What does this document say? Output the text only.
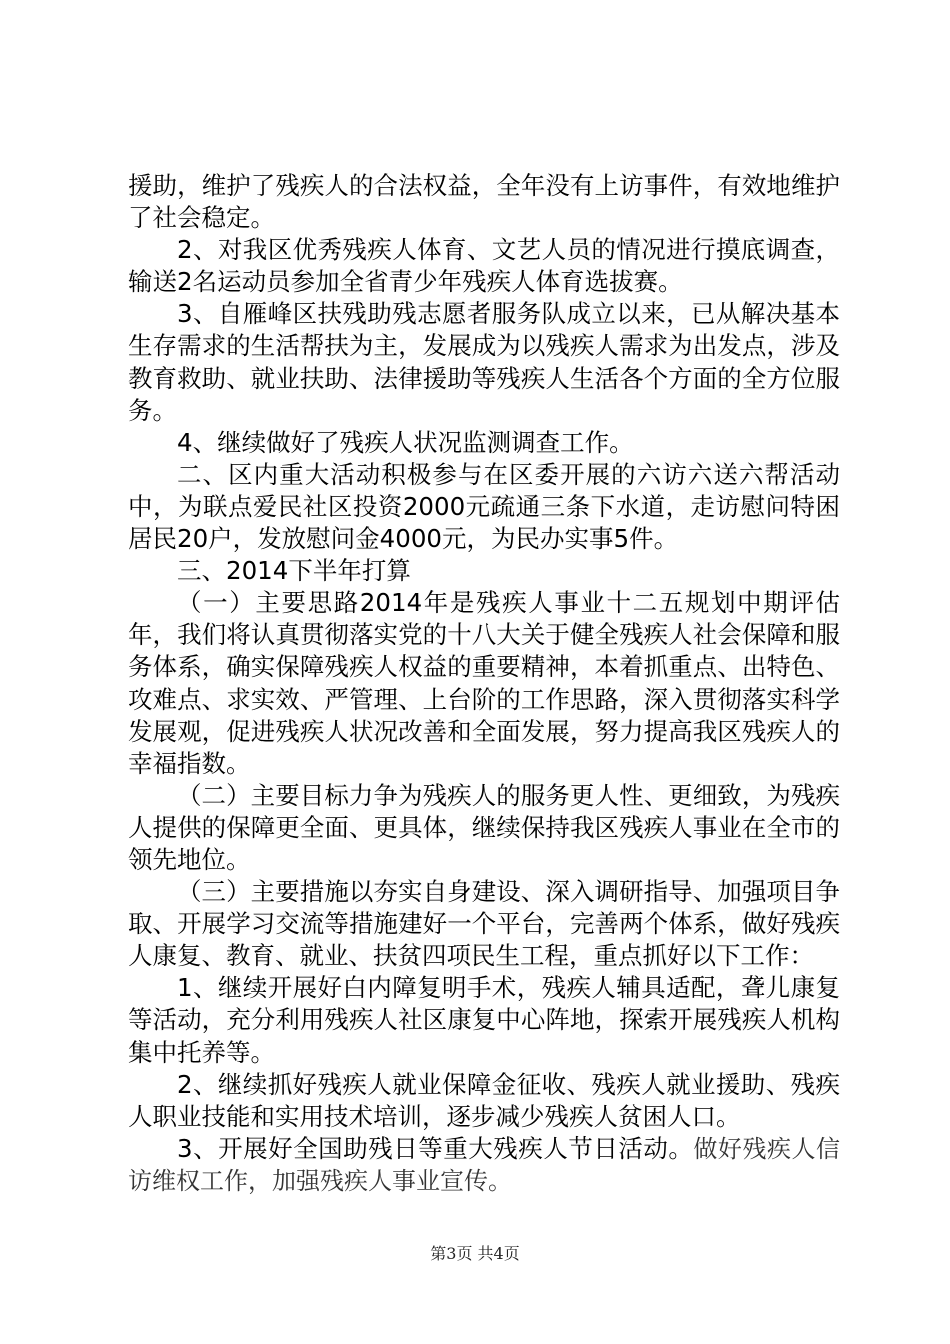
援助，维护了残疾人的合法权益，全年没有上访事件，有效地维护了社会稳定。

2、对我区优秀残疾人体育、文艺人员的情况进行摸底调查，输送2名运动员参加全省青少年残疾人体育选拔赛。

3、自雁峰区扶残助残志愿者服务队成立以来，已从解决基本生存需求的生活帮扶为主，发展成为以残疾人需求为出发点，涉及教育救助、就业扶助、法律援助等残疾人生活各个方面的全方位服务。

4、继续做好了残疾人状况监测调查工作。

二、区内重大活动积极参与在区委开展的六访六送六帮活动中，为联点爱民社区投资2000元疏通三条下水道，走访慰问特困居民20户，发放慰问金4000元，为民办实事5件。

三、2014下半年打算

（一）主要思路2014年是残疾人事业十二五规划中期评估年，我们将认真贯彻落实党的十八大关于健全残疾人社会保障和服务体系，确实保障残疾人权益的重要精神，本着抓重点、出特色、攻难点、求实效、严管理、上台阶的工作思路，深入贯彻落实科学发展观，促进残疾人状况改善和全面发展，努力提高我区残疾人的幸福指数。

（二）主要目标力争为残疾人的服务更人性、更细致，为残疾人提供的保障更全面、更具体，继续保持我区残疾人事业在全市的领先地位。

（三）主要措施以夯实自身建设、深入调研指导、加强项目争取、开展学习交流等措施建好一个平台，完善两个体系，做好残疾人康复、教育、就业、扶贫四项民生工程，重点抓好以下工作：

1、继续开展好白内障复明手术，残疾人辅具适配，聋儿康复等活动，充分利用残疾人社区康复中心阵地，探索开展残疾人机构集中托养等。

2、继续抓好残疾人就业保障金征收、残疾人就业援助、残疾人职业技能和实用技术培训，逐步减少残疾人贫困人口。

3、开展好全国助残日等重大残疾人节日活动。做好残疾人信访维权工作，加强残疾人事业宣传。

第3页 共4页
